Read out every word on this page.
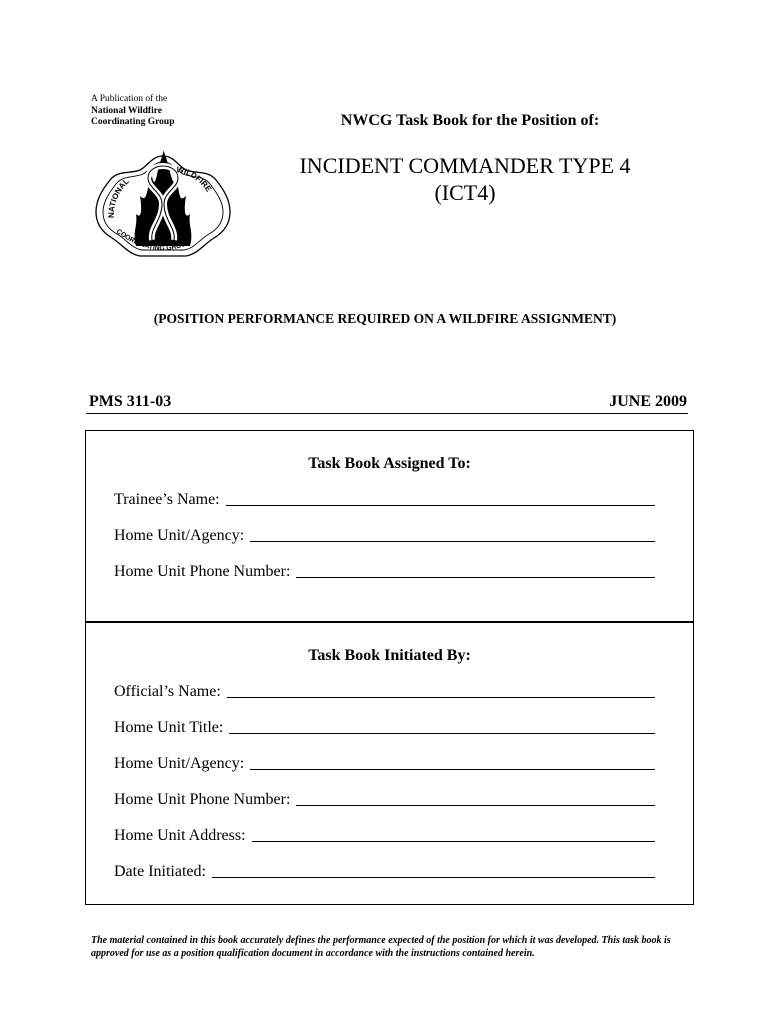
A Publication of the
National Wildfire
Coordinating Group
NATIONAL
WILDFIRE
COORDINATING GROUP
NWCG Task Book for the Position of:
INCIDENT COMMANDER TYPE 4
(ICT4)
(POSITION PERFORMANCE REQUIRED ON A WILDFIRE ASSIGNMENT)
PMS 311-03	JUNE 2009
Task Book Assigned To:
Trainee’s Name:
Home Unit/Agency:
Home Unit Phone Number:
Task Book Initiated By:
Official’s Name:
Home Unit Title:
Home Unit/Agency:
Home Unit Phone Number:
Home Unit Address:
Date Initiated:
The material contained in this book accurately defines the performance expected of the position for which it was developed. This task book is approved for use as a position qualification document in accordance with the instructions contained herein.
